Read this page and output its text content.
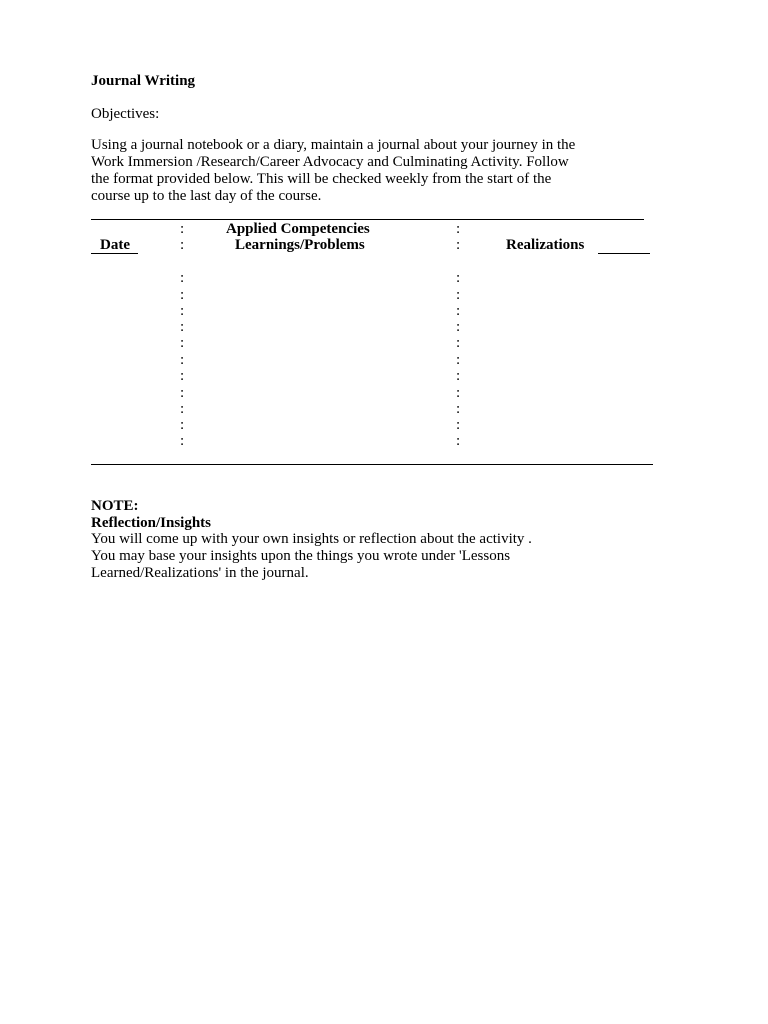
Journal Writing
Objectives:
Using a journal notebook or a diary, maintain a journal about your journey in the
Work Immersion /Research/Career Advocacy and Culminating Activity. Follow
the format provided below. This will be checked weekly from the start of the
course up to the last day of the course.
:	Applied Competencies	:
Date	:	Learnings/Problems	:	Realizations
:	:
:	:
:	:
:	:
:	:
:	:
:	:
:	:
:	:
:	:
:	:
NOTE:
Reflection/Insights
You will come up with your own insights or reflection about the activity .
You may base your insights upon the things you wrote under 'Lessons
Learned/Realizations' in the journal.
